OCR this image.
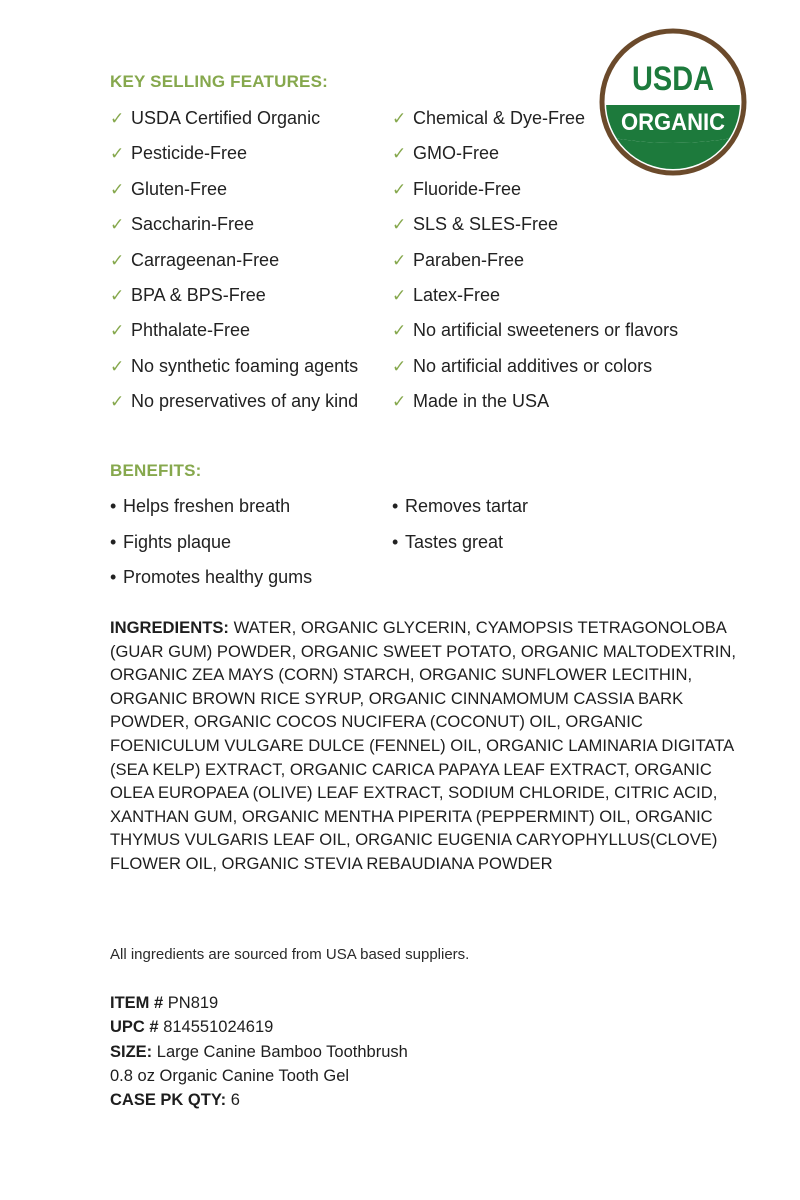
KEY SELLING FEATURES:
✓ USDA Certified Organic
✓ Pesticide-Free
✓ Gluten-Free
✓ Saccharin-Free
✓ Carrageenan-Free
✓ BPA & BPS-Free
✓ Phthalate-Free
✓ No synthetic foaming agents
✓ No preservatives of any kind
✓ Chemical & Dye-Free
✓ GMO-Free
✓ Fluoride-Free
✓ SLS & SLES-Free
✓ Paraben-Free
✓ Latex-Free
✓ No artificial sweeteners or flavors
✓ No artificial additives or colors
✓ Made in the USA
USDA
ORGANIC
BENEFITS:
• Helps freshen breath
• Fights plaque
• Promotes healthy gums
• Removes tartar
• Tastes great

INGREDIENTS: WATER, ORGANIC GLYCERIN, CYAMOPSIS TETRAGONOLOBA (GUAR GUM) POWDER, ORGANIC SWEET POTATO, ORGANIC MALTODEXTRIN, ORGANIC ZEA MAYS (CORN) STARCH, ORGANIC SUNFLOWER LECITHIN, ORGANIC BROWN RICE SYRUP, ORGANIC CINNAMOMUM CASSIA BARK POWDER, ORGANIC COCOS NUCIFERA (COCONUT) OIL, ORGANIC FOENICULUM VULGARE DULCE (FENNEL) OIL, ORGANIC LAMINARIA DIGITATA (SEA KELP) EXTRACT, ORGANIC CARICA PAPAYA LEAF EXTRACT, ORGANIC OLEA EUROPAEA (OLIVE) LEAF EXTRACT, SODIUM CHLORIDE, CITRIC ACID, XANTHAN GUM, ORGANIC MENTHA PIPERITA (PEPPERMINT) OIL, ORGANIC THYMUS VULGARIS LEAF OIL, ORGANIC EUGENIA CARYOPHYLLUS(CLOVE) FLOWER OIL, ORGANIC STEVIA REBAUDIANA POWDER

All ingredients are sourced from USA based suppliers.

ITEM # PN819
UPC # 814551024619
SIZE: Large Canine Bamboo Toothbrush
0.8 oz Organic Canine Tooth Gel
CASE PK QTY: 6
